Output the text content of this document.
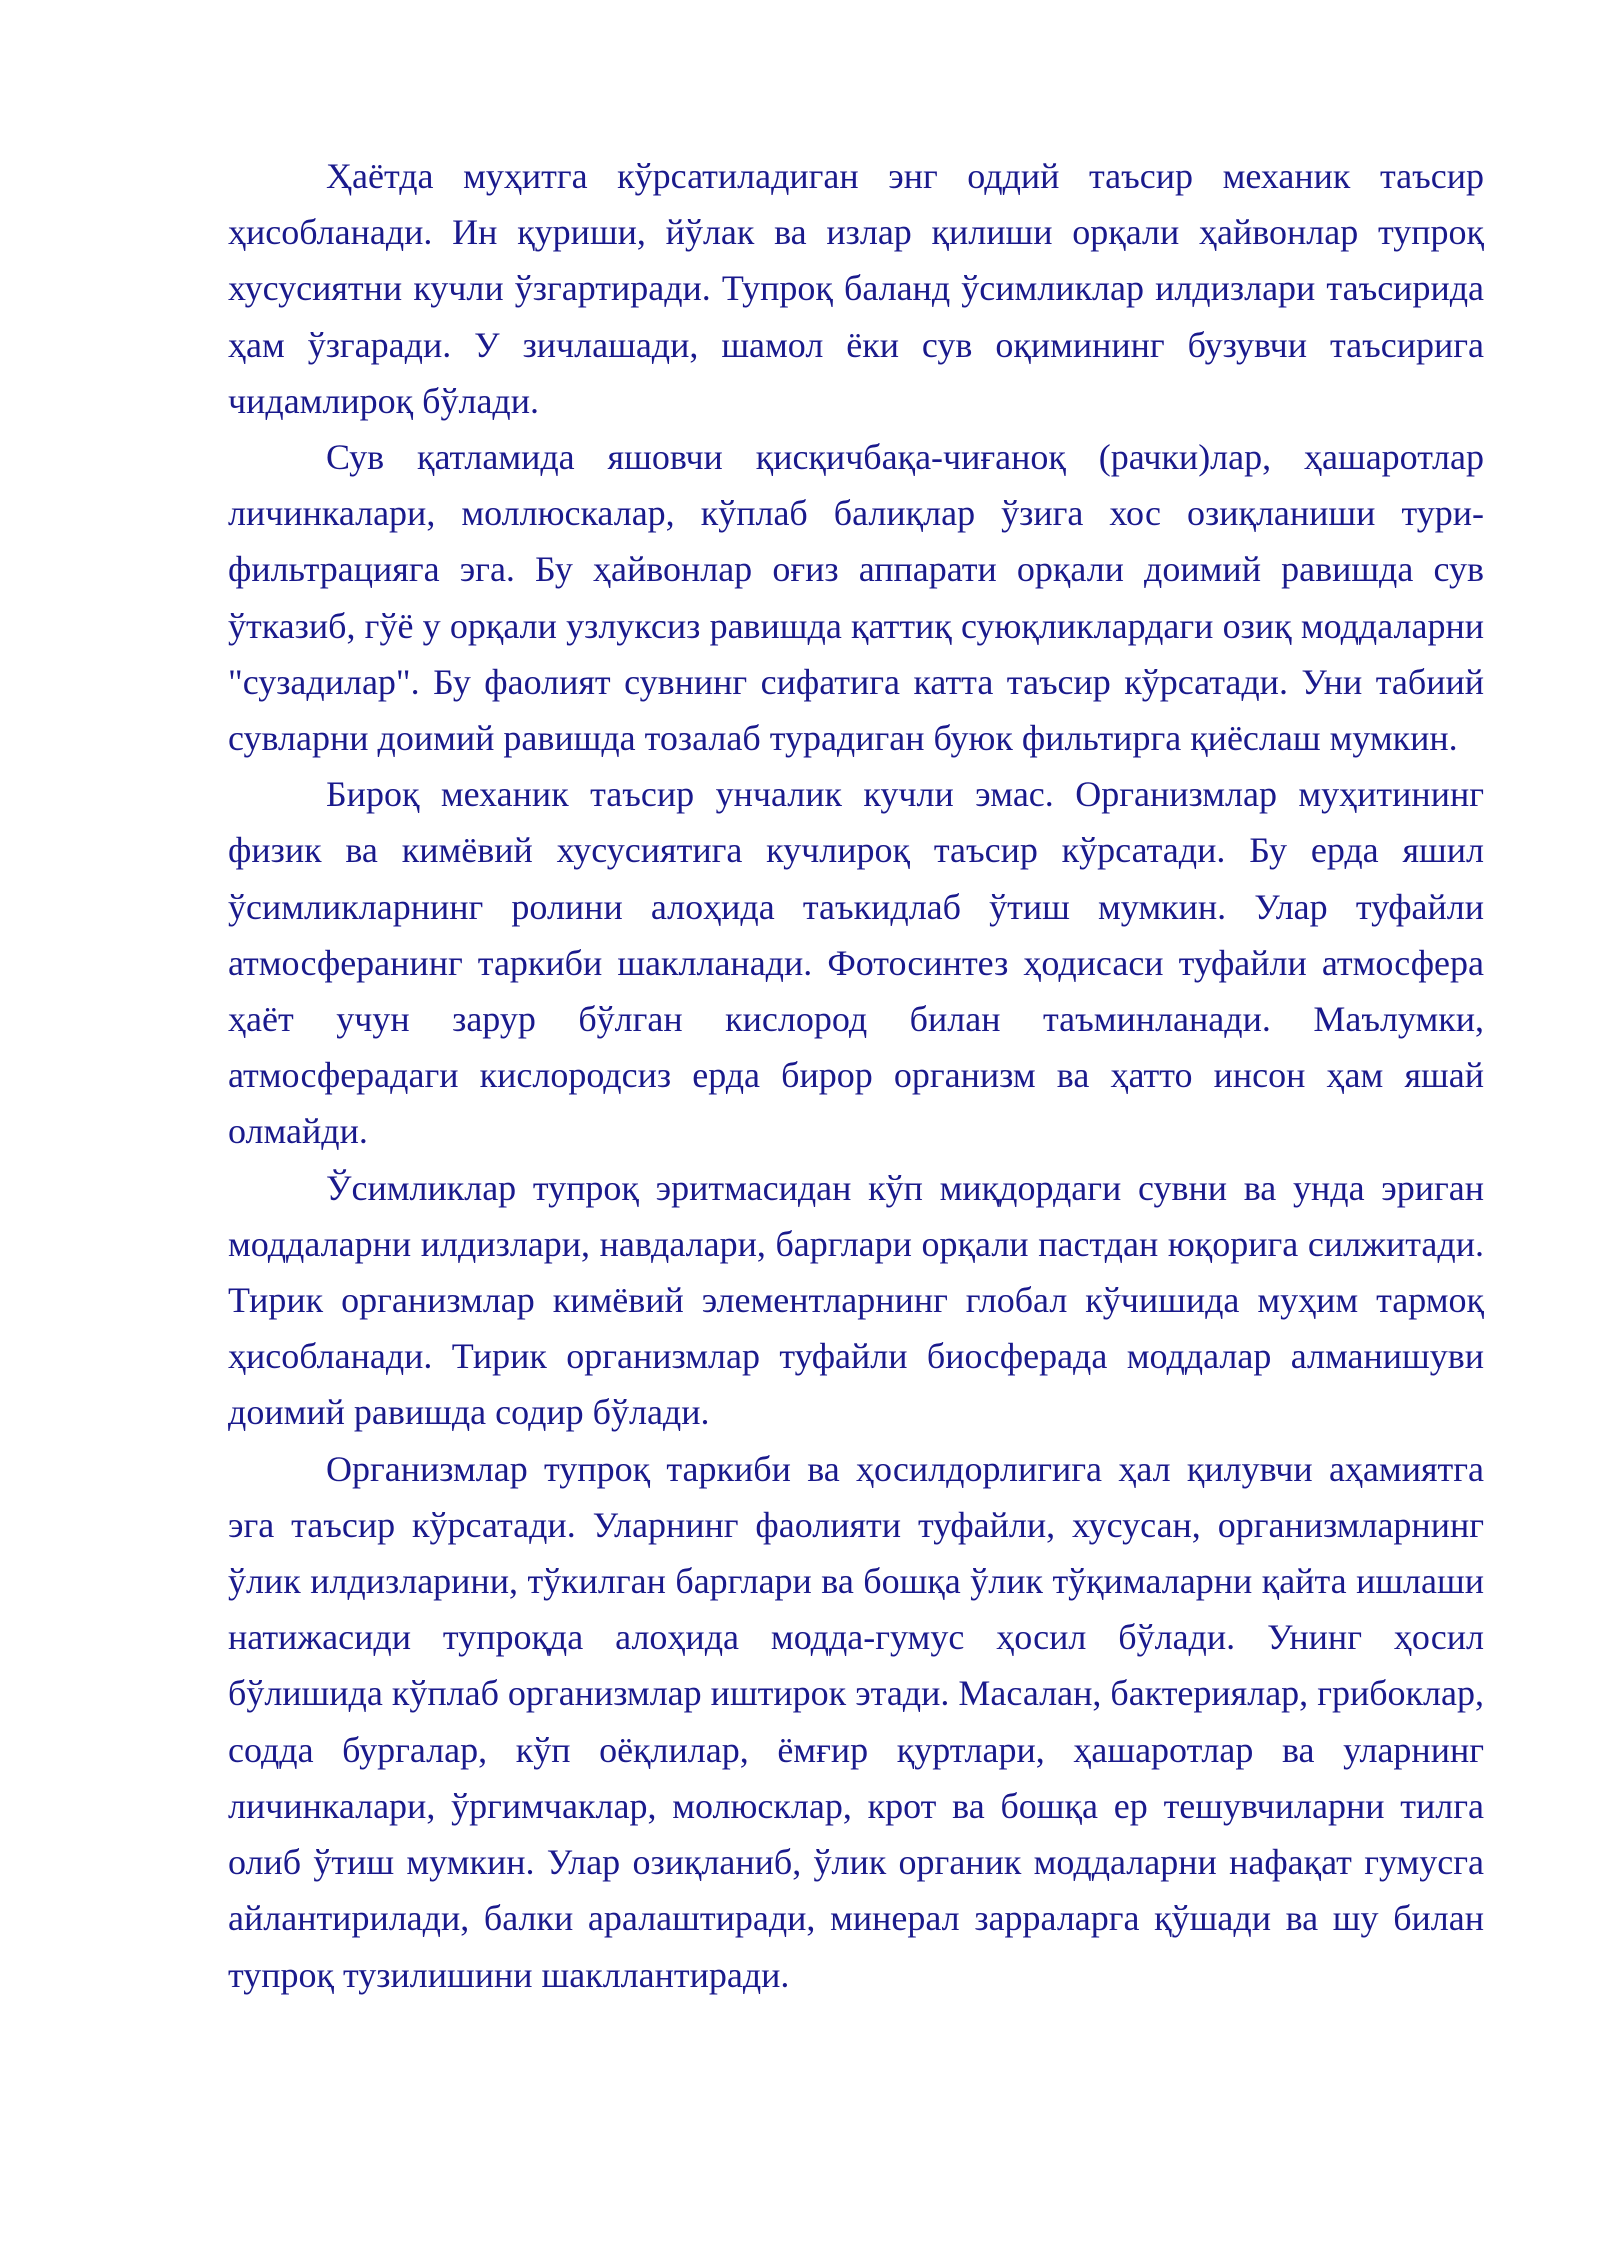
Ҳаётда муҳитга кўрсатиладиган энг оддий таъсир механик таъсир ҳисобланади. Ин қуриши, йўлак ва излар қилиши орқали ҳайвонлар тупроқ хусусиятни кучли ўзгартиради. Тупроқ баланд ўсимликлар илдизлари таъсирида ҳам ўзгаради. У зичлашади, шамол ёки сув оқимининг бузувчи таъсирига чидамлироқ бўлади.

Сув қатламида яшовчи қисқичбақа-чиғаноқ (рачки)лар, ҳашаротлар личинкалари, моллюскалар, кўплаб балиқлар ўзига хос озиқланиши тури-фильтрацияга эга. Бу ҳайвонлар оғиз аппарати орқали доимий равишда сув ўтказиб, гўё у орқали узлуксиз равишда қаттиқ суюқликлардаги озиқ моддаларни "сузадилар". Бу фаолият сувнинг сифатига катта таъсир кўрсатади. Уни табиий сувларни доимий равишда тозалаб турадиган буюк фильтирга қиёслаш мумкин.

Бироқ механик таъсир унчалик кучли эмас. Организмлар муҳитининг физик ва кимёвий хусусиятига кучлироқ таъсир кўрсатади. Бу ерда яшил ўсимликларнинг ролини алоҳида таъкидлаб ўтиш мумкин. Улар туфайли атмосферанинг таркиби шаклланади. Фотосинтез ҳодисаси туфайли атмосфера ҳаёт учун зарур бўлган кислород билан таъминланади. Маълумки, атмосферадаги кислородсиз ерда бирор организм ва ҳатто инсон ҳам яшай олмайди.

Ўсимликлар тупроқ эритмасидан кўп миқдордаги сувни ва унда эриган моддаларни илдизлари, навдалари, барглари орқали пастдан юқорига силжитади. Тирик организмлар кимёвий элементларнинг глобал кўчишида муҳим тармоқ ҳисобланади. Тирик организмлар туфайли биосферада моддалар алманишуви доимий равишда содир бўлади.

Организмлар тупроқ таркиби ва ҳосилдорлигига ҳал қилувчи аҳамиятга эга таъсир кўрсатади. Уларнинг фаолияти туфайли, хусусан, организмларнинг ўлик илдизларини, тўкилган барглари ва бошқа ўлик тўқималарни қайта ишлаши натижасиди тупроқда алоҳида модда-гумус ҳосил бўлади. Унинг ҳосил бўлишида кўплаб организмлар иштирок этади. Масалан, бактериялар, грибоклар, содда бургалар, кўп оёқлилар, ёмғир қуртлари, ҳашаротлар ва уларнинг личинкалари, ўргимчаклар, молюсклар, крот ва бошқа ер тешувчиларни тилга олиб ўтиш мумкин. Улар озиқланиб, ўлик органик моддаларни нафақат гумусга айлантирилади, балки аралаштиради, минерал зарраларга қўшади ва шу билан тупроқ тузилишини шакллантиради.
